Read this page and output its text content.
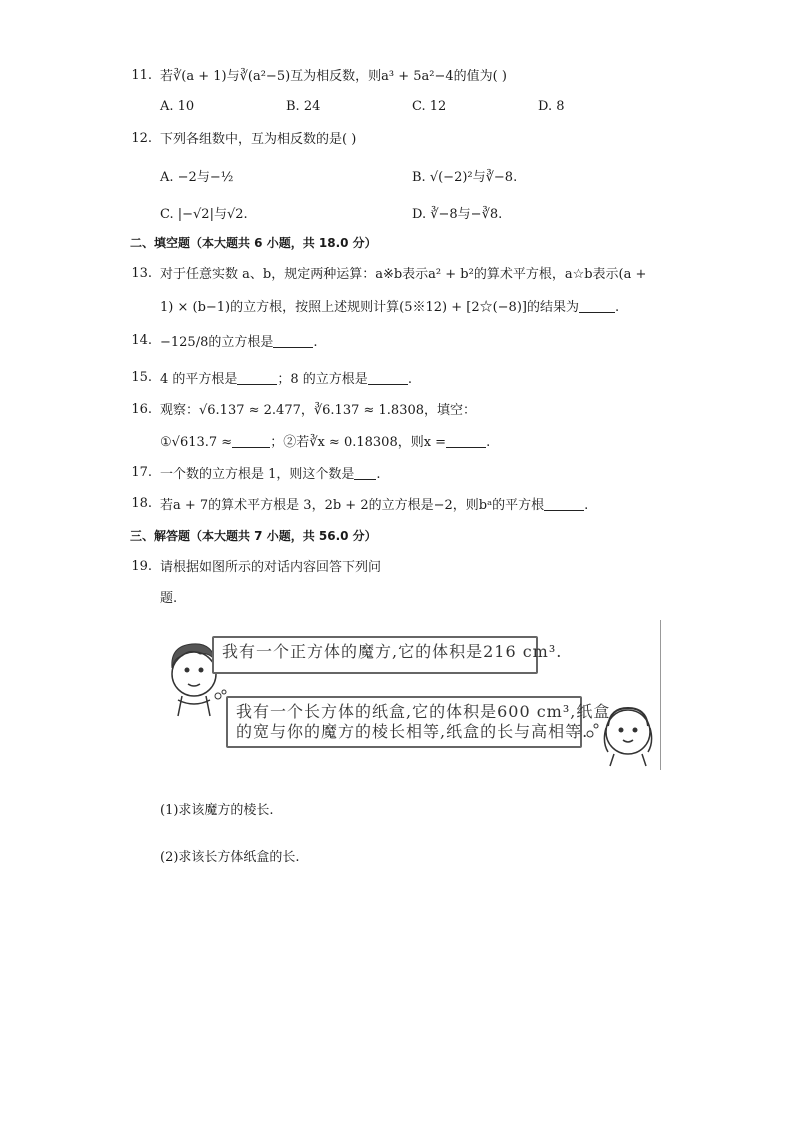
11. 若∛(a + 1)与∛(a²−5)互为相反数，则a³ + 5a²−4的值为( )
A. 10	B. 24	C. 12	D. 8
12. 下列各组数中，互为相反数的是( )
A. −2与−½	B. √(−2)²与∛−8.
C. |−√2|与√2.	D. ∛−8与−∛8.
二、填空题（本大题共 6 小题，共 18.0 分）
13. 对于任意实数 a、b，规定两种运算：a※b表示a² + b²的算术平方根，a☆b表示(a +
1) × (b−1)的立方根，按照上述规则计算(5※12) + [2☆(−8)]的结果为	.
14. −125/8的立方根是	.
15. 4 的平方根是	；8 的立方根是	.
16. 观察：√6.137 ≈ 2.477，∛6.137 ≈ 1.8308，填空：
①√613.7 ≈	；②若∛x ≈ 0.18308，则x =	.
17. 一个数的立方根是 1，则这个数是 .
18. 若a + 7的算术平方根是 3，2b + 2的立方根是−2，则bᵃ的平方根	.
三、解答题（本大题共 7 小题，共 56.0 分）
19. 请根据如图所示的对话内容回答下列问
题.
我有一个正方体的魔方,它的体积是216 cm³.
我有一个长方体的纸盒,它的体积是600 cm³,纸盒
的宽与你的魔方的棱长相等,纸盒的长与高相等.
(1)求该魔方的棱长.
(2)求该长方体纸盒的长.
